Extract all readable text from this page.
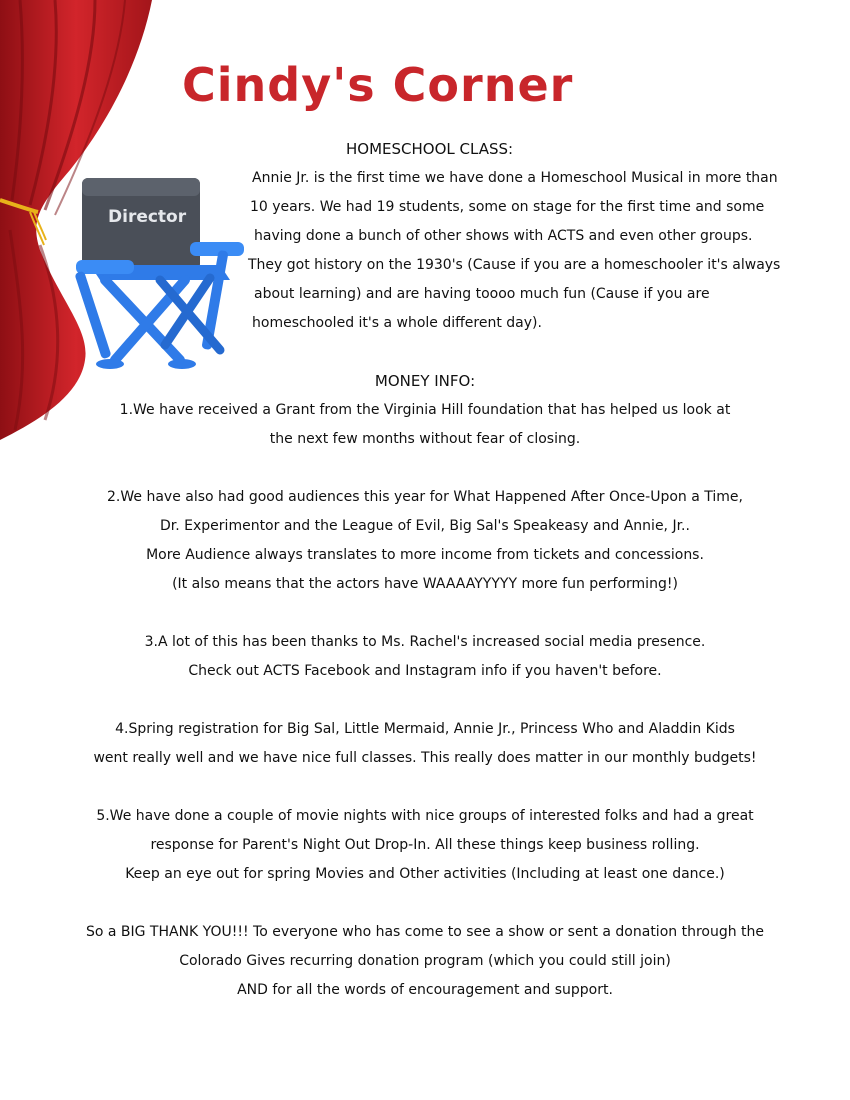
Director
Cindy's Corner
HOMESCHOOL CLASS:

Annie Jr. is the first time we have done a Homeschool Musical in more than

10 years. We had 19 students, some on stage for the first time and some

having done a bunch of other shows with ACTS and even other groups.

They got history on the 1930's (Cause if you are a homeschooler it's always

about learning) and are having toooo much fun (Cause if you are

homeschooled it's a whole different day).

MONEY INFO:

1.We have received a Grant from the Virginia Hill foundation that has helped us look at

the next few months without fear of closing.

2.We have also had good audiences this year for What Happened After Once-Upon a Time,

Dr. Experimentor and the League of Evil, Big Sal's Speakeasy and Annie, Jr..

More Audience always translates to more income from tickets and concessions.

(It also means that the actors have WAAAAYYYYY more fun performing!)

3.A lot of this has been thanks to Ms. Rachel's increased social media presence.

Check out ACTS Facebook and Instagram info if you haven't before.

4.Spring registration for Big Sal, Little Mermaid, Annie Jr., Princess Who and Aladdin Kids

went really well and we have nice full classes. This really does matter in our monthly budgets!

5.We have done a couple of movie nights with nice groups of interested folks and had a great

response for Parent's Night Out Drop-In. All these things keep business rolling.

Keep an eye out for spring Movies and Other activities (Including at least one dance.)

So a BIG THANK YOU!!! To everyone who has come to see a show or sent a donation through the

Colorado Gives recurring donation program (which you could still join)

AND for all the words of encouragement and support.
